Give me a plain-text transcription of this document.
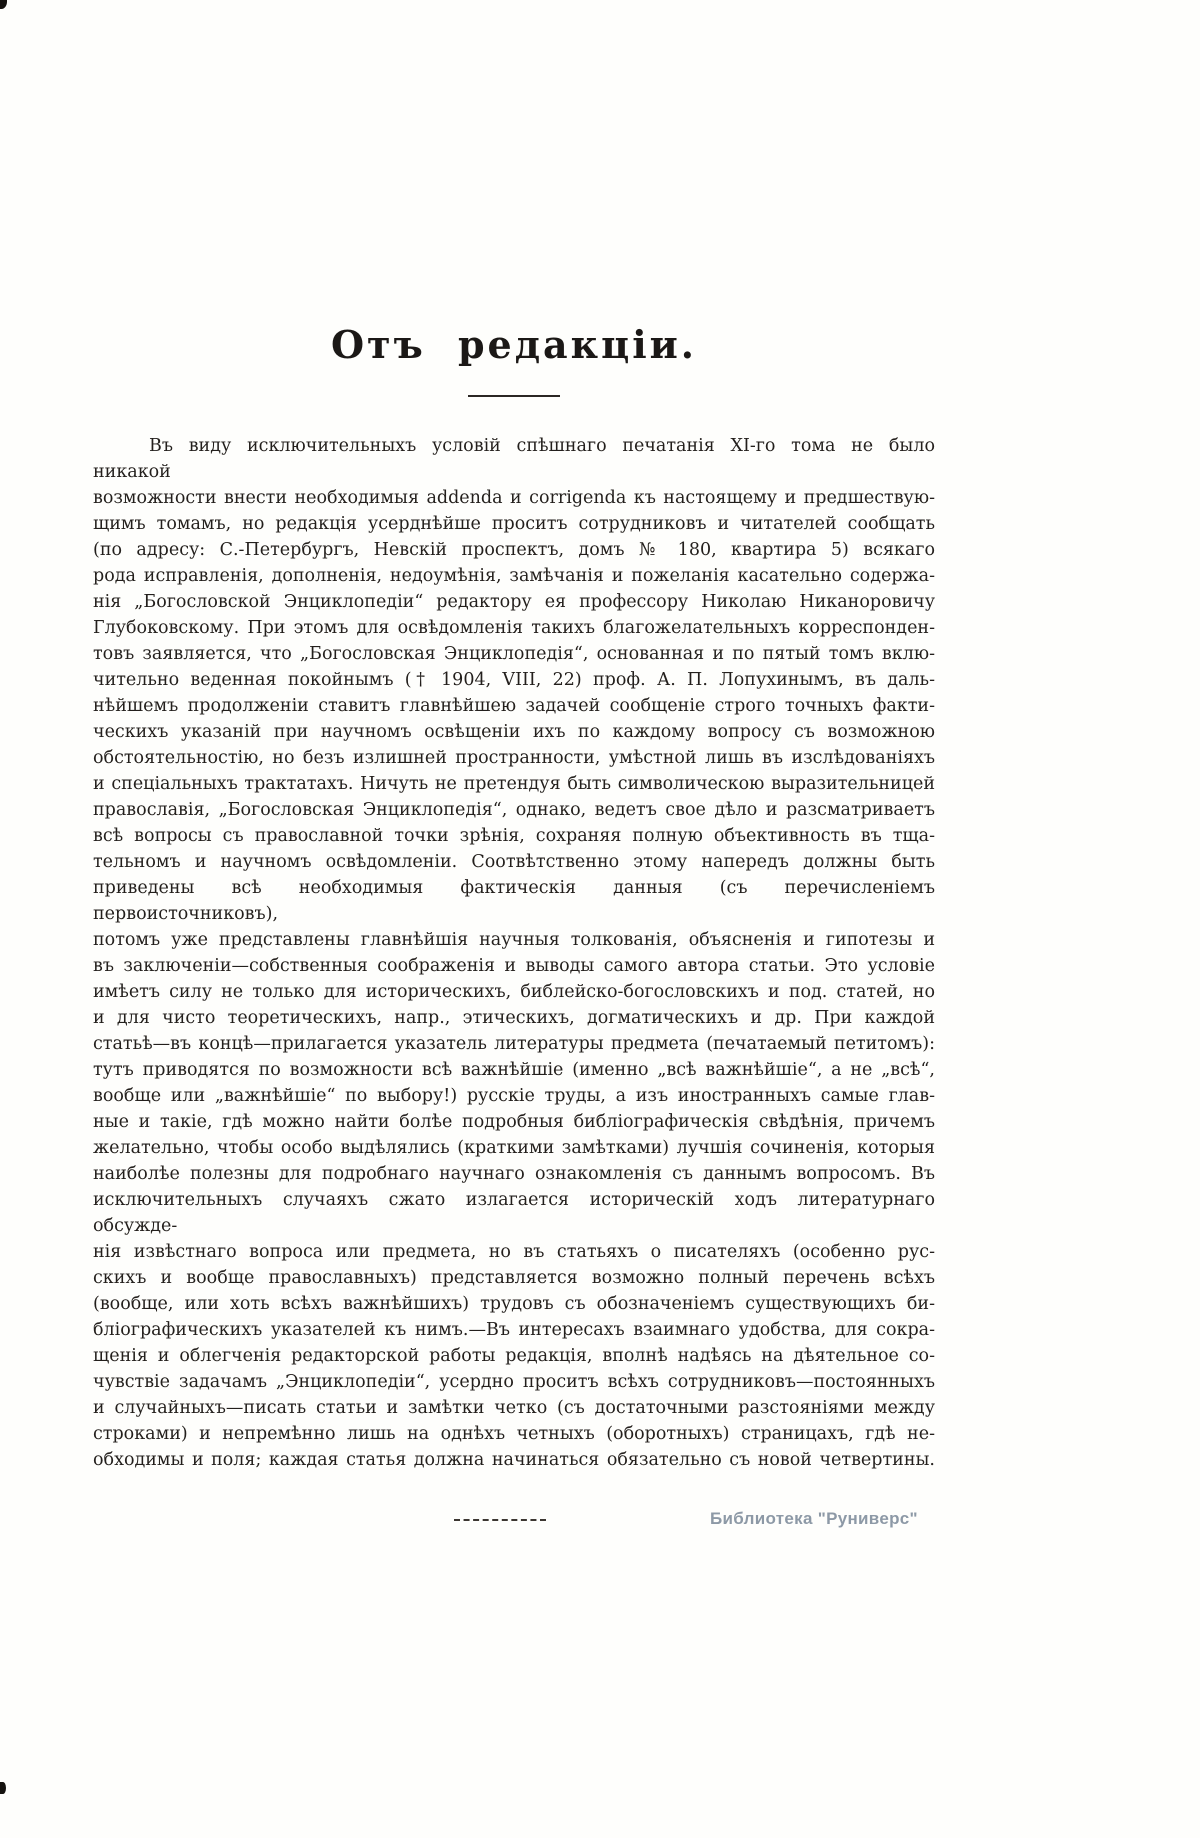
Отъ редакціи.
Въ виду исключительныхъ условій спѣшнаго печатанія XI-го тома не было никакой
возможности внести необходимыя addenda и corrigenda къ настоящему и предшествую-
щимъ томамъ, но редакція усерднѣйше проситъ сотрудниковъ и читателей сообщать
(по адресу: С.-Петербургъ, Невскій проспектъ, домъ № 180, квартира 5) всякаго
рода исправленія, дополненія, недоумѣнія, замѣчанія и пожеланія касательно содержа-
нія „Богословской Энциклопедіи“ редактору ея профессору Николаю Никаноровичу
Глубоковскому. При этомъ для освѣдомленія такихъ благожелательныхъ корреспонден-
товъ заявляется, что „Богословская Энциклопедія“, основанная и по пятый томъ вклю-
чительно веденная покойнымъ († 1904, VIII, 22) проф. А. П. Лопухинымъ, въ даль-
нѣйшемъ продолженіи ставитъ главнѣйшею задачей сообщеніе строго точныхъ факти-
ческихъ указаній при научномъ освѣщеніи ихъ по каждому вопросу съ возможною
обстоятельностію, но безъ излишней пространности, умѣстной лишь въ изслѣдованіяхъ
и спеціальныхъ трактатахъ. Ничуть не претендуя быть символическою выразительницей
православія, „Богословская Энциклопедія“, однако, ведетъ свое дѣло и разсматриваетъ
всѣ вопросы съ православной точки зрѣнія, сохраняя полную объективность въ тща-
тельномъ и научномъ освѣдомленіи. Соотвѣтственно этому напередъ должны быть
приведены всѣ необходимыя фактическія данныя (съ перечисленіемъ первоисточниковъ),
потомъ уже представлены главнѣйшія научныя толкованія, объясненія и гипотезы и
въ заключеніи—собственныя соображенія и выводы самого автора статьи. Это условіе
имѣетъ силу не только для историческихъ, библейско-богословскихъ и под. статей, но
и для чисто теоретическихъ, напр., этическихъ, догматическихъ и др. При каждой
статьѣ—въ концѣ—прилагается указатель литературы предмета (печатаемый петитомъ):
тутъ приводятся по возможности всѣ важнѣйшіе (именно „всѣ важнѣйшіе“, а не „всѣ“,
вообще или „важнѣйшіе“ по выбору!) русскіе труды, а изъ иностранныхъ самые глав-
ные и такіе, гдѣ можно найти болѣе подробныя библіографическія свѣдѣнія, причемъ
желательно, чтобы особо выдѣлялись (краткими замѣтками) лучшія сочиненія, которыя
наиболѣе полезны для подробнаго научнаго ознакомленія съ даннымъ вопросомъ. Въ
исключительныхъ случаяхъ сжато излагается историческій ходъ литературнаго обсужде-
нія извѣстнаго вопроса или предмета, но въ статьяхъ о писателяхъ (особенно рус-
скихъ и вообще православныхъ) представляется возможно полный перечень всѣхъ
(вообще, или хоть всѣхъ важнѣйшихъ) трудовъ съ обозначеніемъ существующихъ би-
бліографическихъ указателей къ нимъ.—Въ интересахъ взаимнаго удобства, для сокра-
щенія и облегченія редакторской работы редакція, вполнѣ надѣясь на дѣятельное со-
чувствіе задачамъ „Энциклопедіи“, усердно проситъ всѣхъ сотрудниковъ—постоянныхъ
и случайныхъ—писать статьи и замѣтки четко (съ достаточными разстояніями между
строками) и непремѣнно лишь на однѣхъ четныхъ (оборотныхъ) страницахъ, гдѣ не-
обходимы и поля; каждая статья должна начинаться обязательно съ новой четвертины.
Библиотека "Руниверс"
